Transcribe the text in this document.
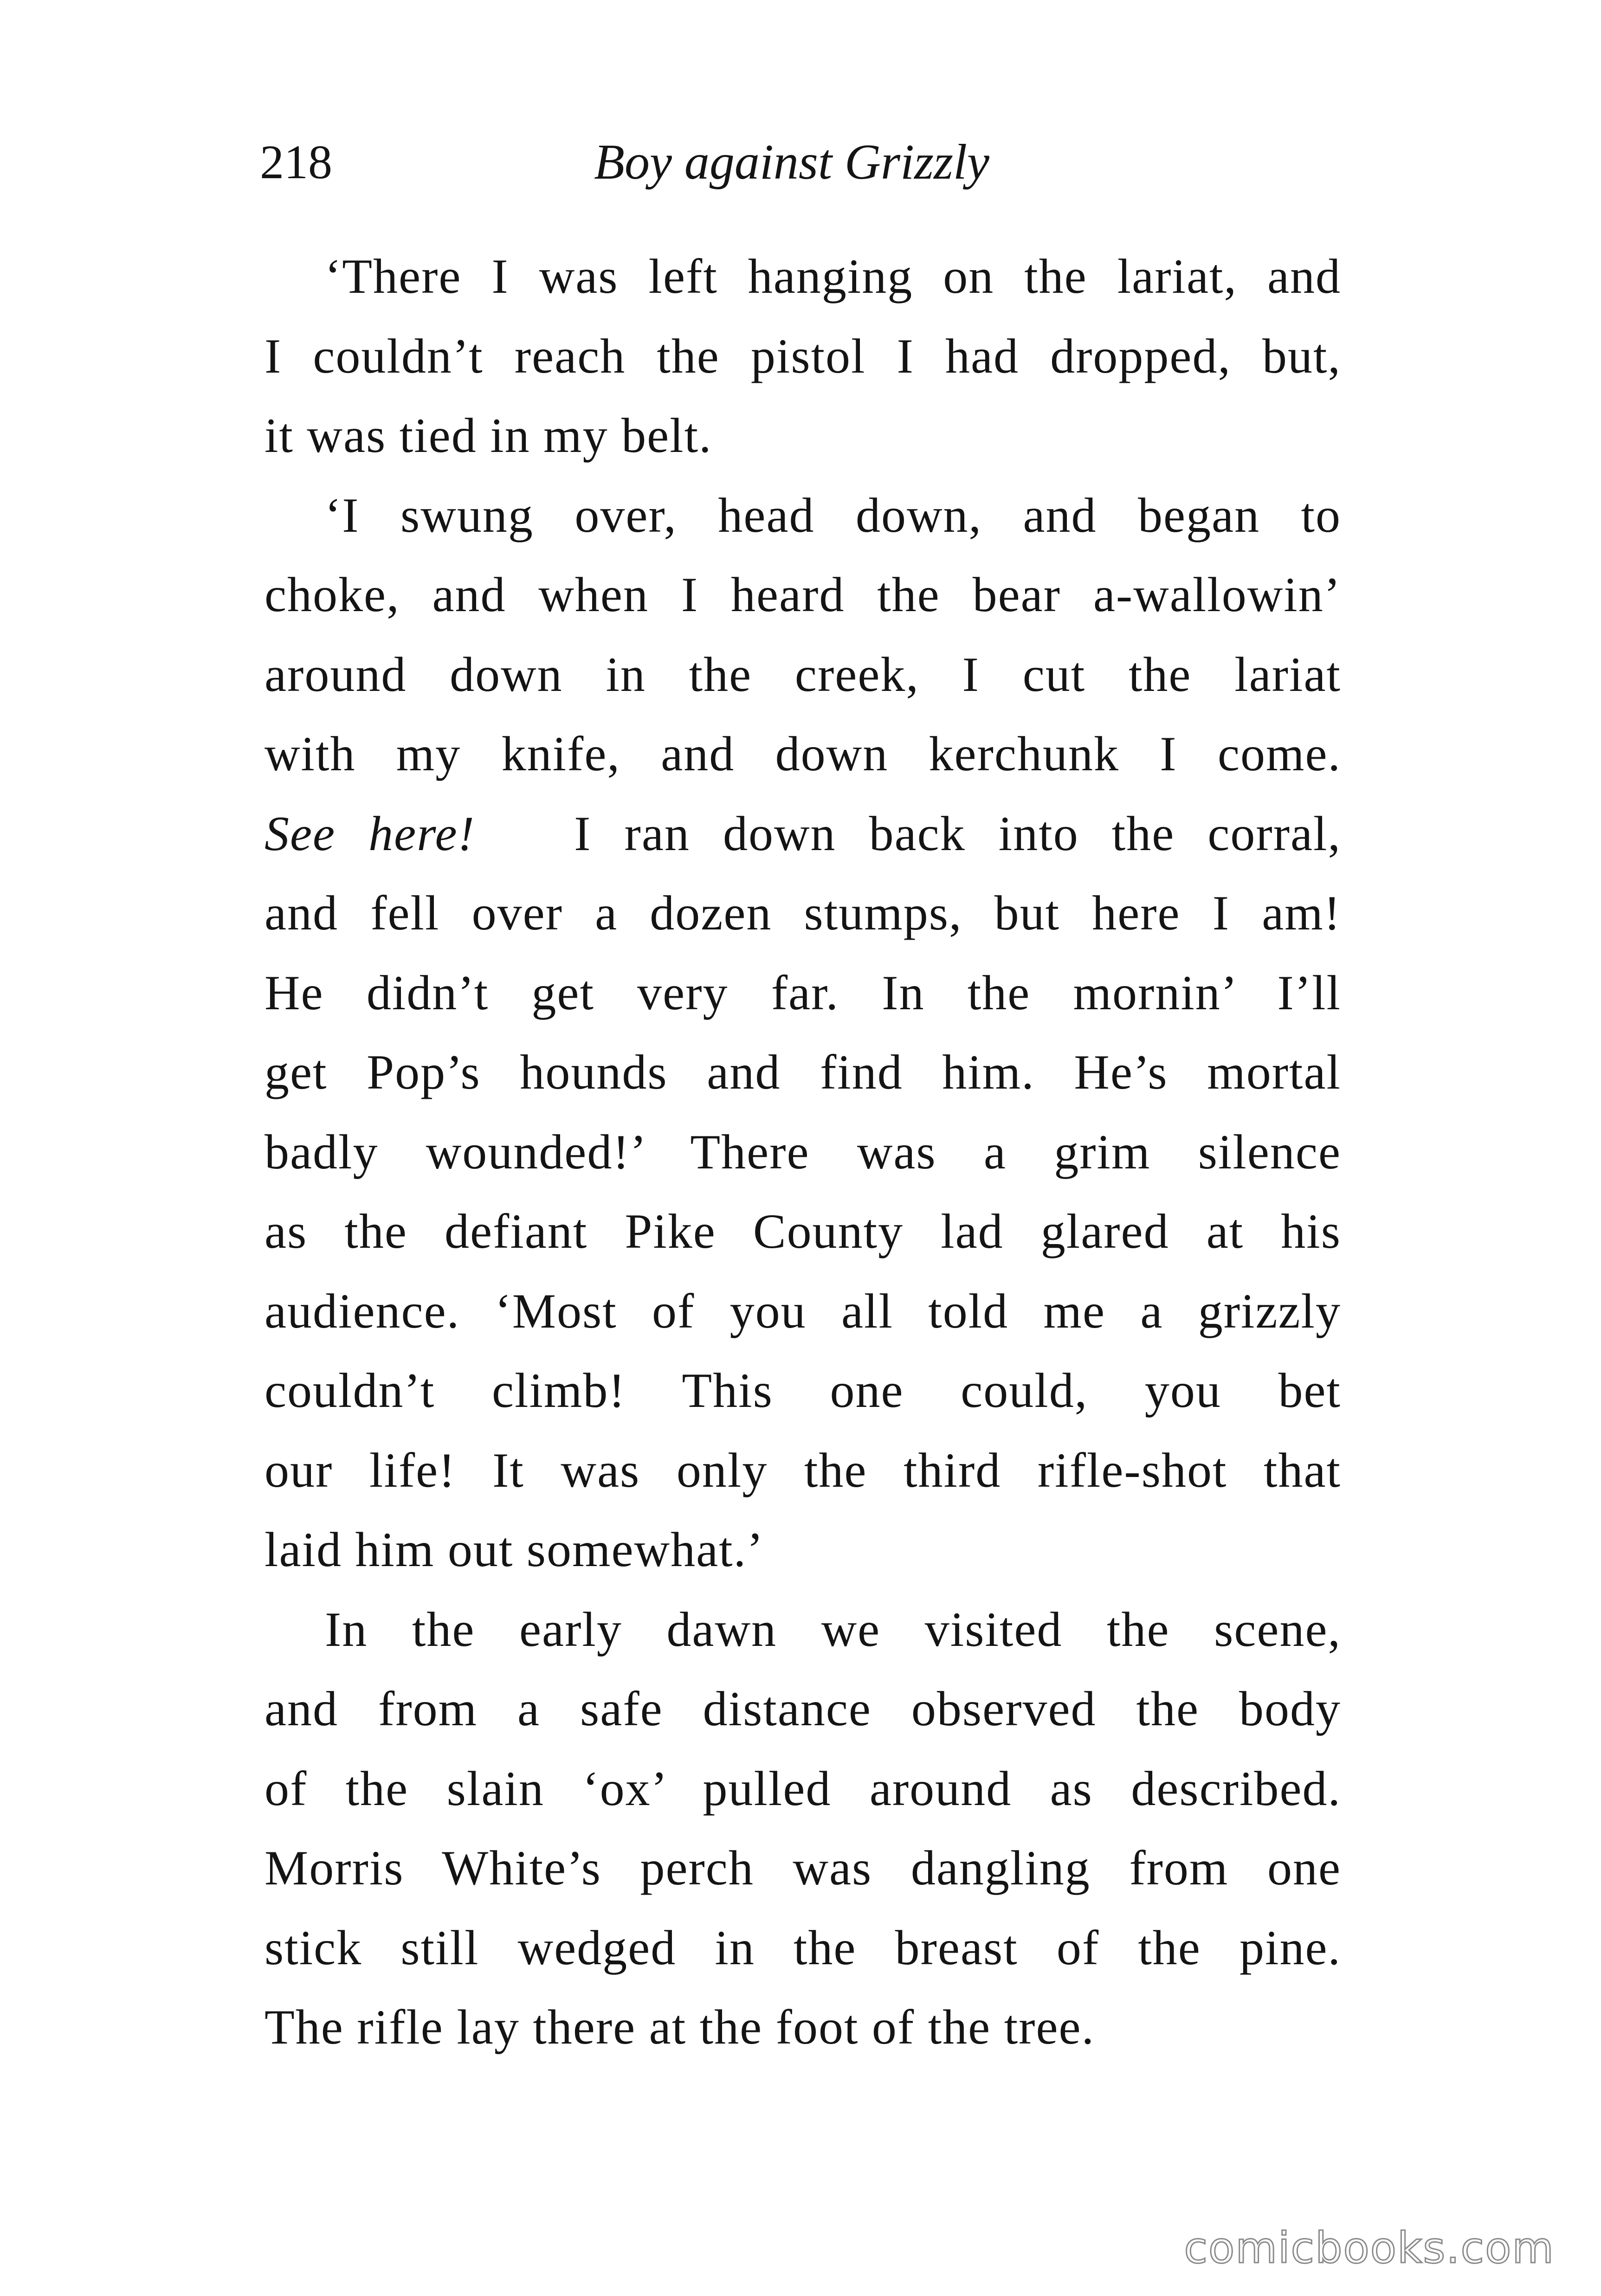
218	Boy against Grizzly
‘There I was left hanging on the lariat, and
I couldn’t reach the pistol I had dropped, but,
it was tied in my belt.
‘I swung over, head down, and began to
choke, and when I heard the bear a-wallowin’
around down in the creek, I cut the lariat
with my knife, and down kerchunk I come.
See here! I ran down back into the corral,
and fell over a dozen stumps, but here I am!
He didn’t get very far. In the mornin’ I’ll
get Pop’s hounds and find him. He’s mortal
badly wounded!’ There was a grim silence
as the defiant Pike County lad glared at his
audience. ‘Most of you all told me a grizzly
couldn’t climb! This one could, you bet
our life! It was only the third rifle-shot that
laid him out somewhat.’
In the early dawn we visited the scene,
and from a safe distance observed the body
of the slain ‘ox’ pulled around as described.
Morris White’s perch was dangling from one
stick still wedged in the breast of the pine.
The rifle lay there at the foot of the tree.
comicbooks.com
